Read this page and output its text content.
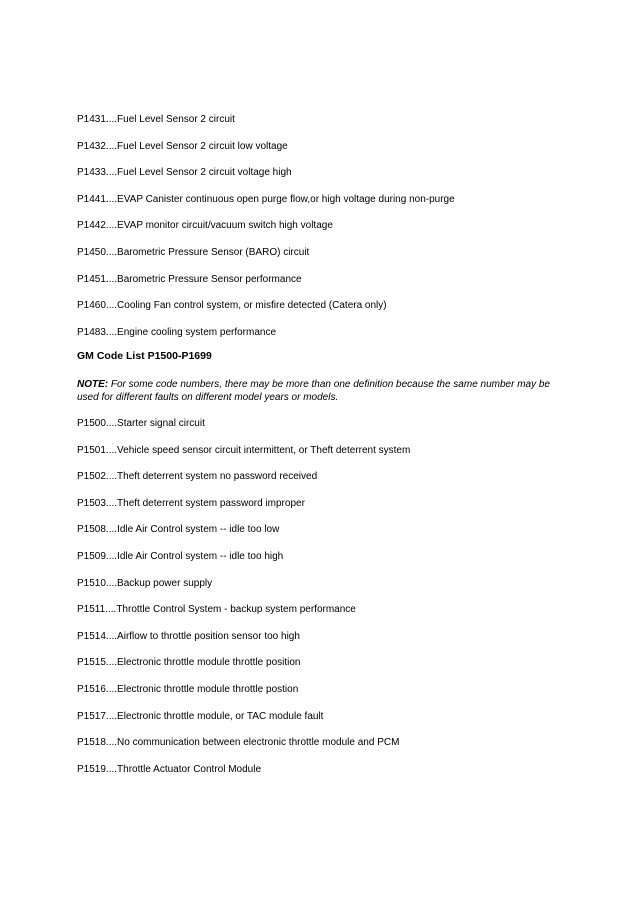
P1431....Fuel Level Sensor 2 circuit
P1432....Fuel Level Sensor 2 circuit low voltage
P1433....Fuel Level Sensor 2 circuit voltage high
P1441....EVAP Canister continuous open purge flow,or high voltage during non-purge
P1442....EVAP monitor circuit/vacuum switch high voltage
P1450....Barometric Pressure Sensor (BARO) circuit
P1451....Barometric Pressure Sensor performance
P1460....Cooling Fan control system, or misfire detected (Catera only)
P1483....Engine cooling system performance
GM Code List P1500-P1699
NOTE: For some code numbers, there may be more than one definition because the same number may be used for different faults on different model years or models.
P1500....Starter signal circuit
P1501....Vehicle speed sensor circuit intermittent, or Theft deterrent system
P1502....Theft deterrent system no password received
P1503....Theft deterrent system password improper
P1508....Idle Air Control system -- idle too low
P1509....Idle Air Control system -- idle too high
P1510....Backup power supply
P1511....Throttle Control System - backup system performance
P1514....Airflow to throttle position sensor too high
P1515....Electronic throttle module throttle position
P1516....Electronic throttle module throttle postion
P1517....Electronic throttle module, or TAC module fault
P1518....No communication between electronic throttle module and PCM
P1519....Throttle Actuator Control Module
